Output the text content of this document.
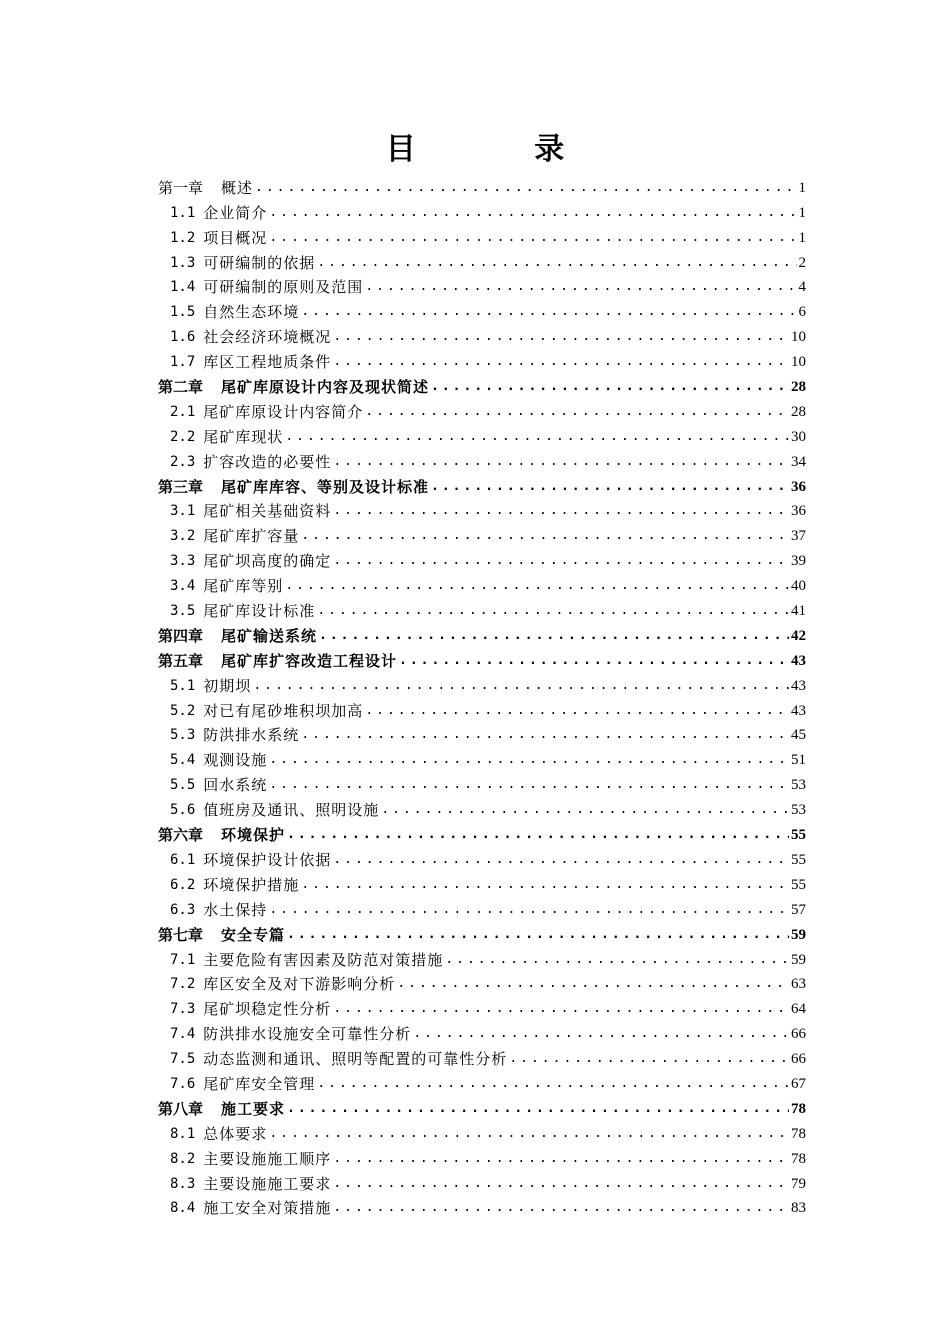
目 录
第一章 概述 .....	1
1.1 企业简介 .....	1
1.2 项目概况 .....	1
1.3 可研编制的依据 .....	2
1.4 可研编制的原则及范围 .....	4
1.5 自然生态环境 .....	6
1.6 社会经济环境概况 .....	10
1.7 库区工程地质条件 .....	10
第二章 尾矿库原设计内容及现状简述 .....	28
2.1 尾矿库原设计内容简介 .....	28
2.2 尾矿库现状 .....	30
2.3 扩容改造的必要性 .....	34
第三章 尾矿库库容、等别及设计标准 .....	36
3.1 尾矿相关基础资料 .....	36
3.2 尾矿库扩容量 .....	37
3.3 尾矿坝高度的确定 .....	39
3.4 尾矿库等别 .....	40
3.5 尾矿库设计标准 .....	41
第四章 尾矿输送系统 .....	42
第五章 尾矿库扩容改造工程设计 .....	43
5.1 初期坝 .....	43
5.2 对已有尾砂堆积坝加高 .....	43
5.3 防洪排水系统 .....	45
5.4 观测设施 .....	51
5.5 回水系统 .....	53
5.6 值班房及通讯、照明设施 .....	53
第六章 环境保护 .....	55
6.1 环境保护设计依据 .....	55
6.2 环境保护措施 .....	55
6.3 水土保持 .....	57
第七章 安全专篇 .....	59
7.1 主要危险有害因素及防范对策措施 .....	59
7.2 库区安全及对下游影响分析 .....	63
7.3 尾矿坝稳定性分析 .....	64
7.4 防洪排水设施安全可靠性分析 .....	66
7.5 动态监测和通讯、照明等配置的可靠性分析 .....	66
7.6 尾矿库安全管理 .....	67
第八章 施工要求 .....	78
8.1 总体要求 .....	78
8.2 主要设施施工顺序 .....	78
8.3 主要设施施工要求 .....	79
8.4 施工安全对策措施 .....	83
